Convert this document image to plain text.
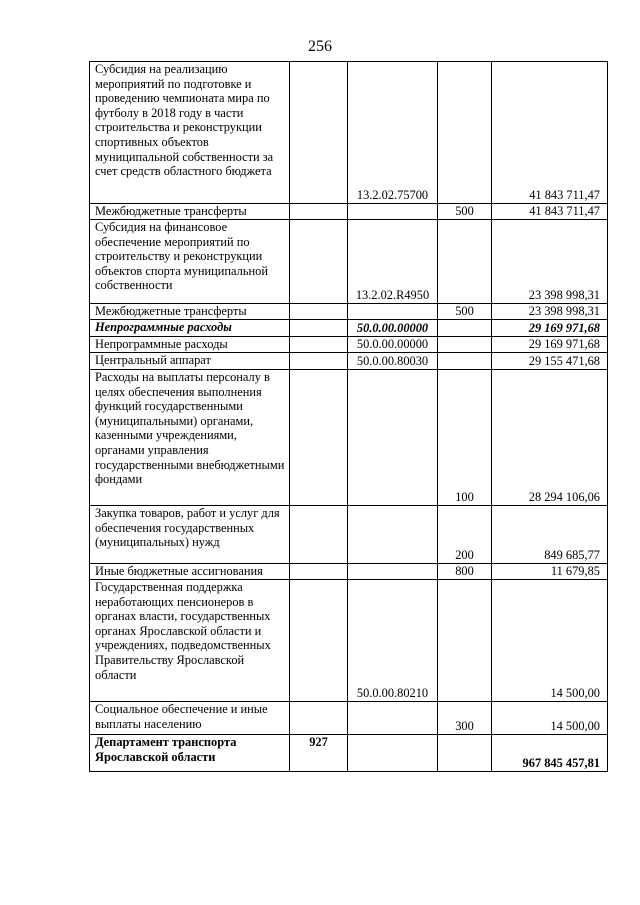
256
Субсидия на реализацию мероприятий по подготовке и проведению чемпионата мира по футболу в 2018 году в части строительства и реконструкции спортивных объектов муниципальной собственности за счет средств областного бюджета		13.2.02.75700		41 843 711,47
Межбюджетные трансферты			500	41 843 711,47
Субсидия на финансовое обеспечение мероприятий по строительству и реконструкции объектов спорта муниципальной собственности		13.2.02.R4950		23 398 998,31
Межбюджетные трансферты			500	23 398 998,31
Непрограммные расходы		50.0.00.00000		29 169 971,68
Непрограммные расходы		50.0.00.00000		29 169 971,68
Центральный аппарат		50.0.00.80030		29 155 471,68
Расходы на выплаты персоналу в целях обеспечения выполнения функций государственными (муниципальными) органами, казенными учреждениями, органами управления государственными внебюджетными фондами			100	28 294 106,06
Закупка товаров, работ и услуг для обеспечения государственных (муниципальных) нужд			200	849 685,77
Иные бюджетные ассигнования			800	11 679,85
Государственная поддержка неработающих пенсионеров в органах власти, государственных органах Ярославской области и учреждениях, подведомственных Правительству Ярославской области		50.0.00.80210		14 500,00
Социальное обеспечение и иные выплаты населению			300	14 500,00
Департамент транспорта Ярославской области	927			967 845 457,81
